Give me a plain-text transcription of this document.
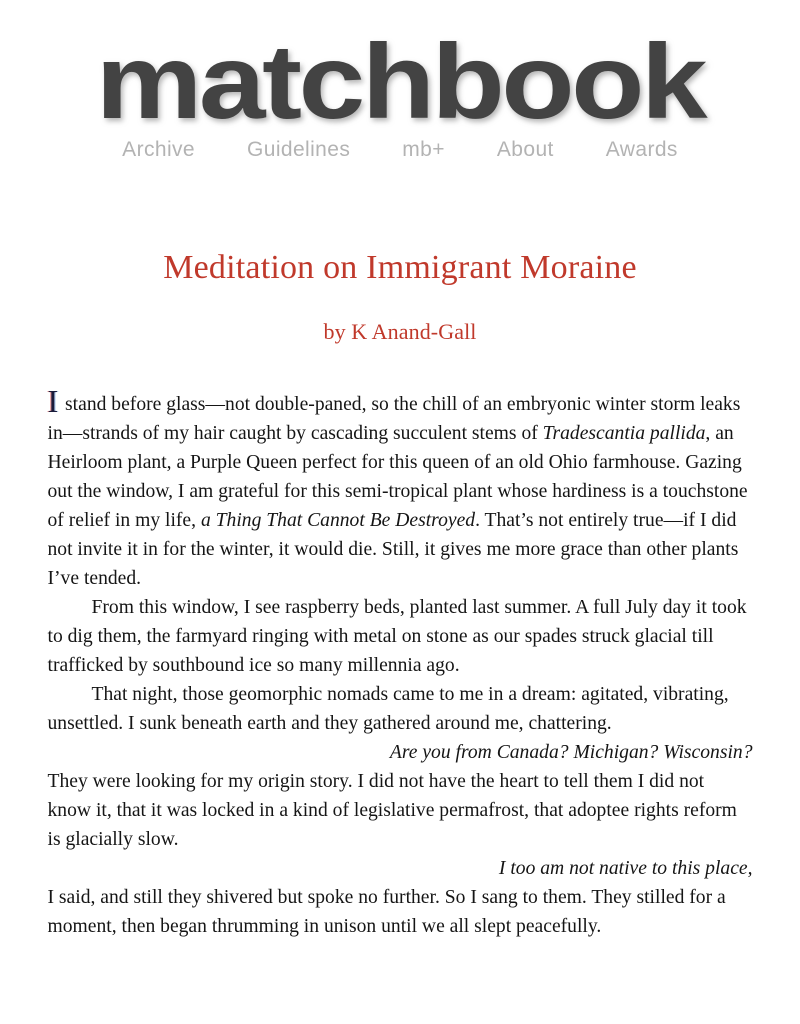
matchbook
Archive	Guidelines	mb+	About	Awards
Meditation on Immigrant Moraine
by K Anand-Gall

I stand before glass—not double-paned, so the chill of an embryonic winter storm leaks in—strands of my hair caught by cascading succulent stems of Tradescantia pallida, an Heirloom plant, a Purple Queen perfect for this queen of an old Ohio farmhouse. Gazing out the window, I am grateful for this semi-tropical plant whose hardiness is a touchstone of relief in my life, a Thing That Cannot Be Destroyed. That’s not entirely true—if I did not invite it in for the winter, it would die. Still, it gives me more grace than other plants I’ve tended.

From this window, I see raspberry beds, planted last summer. A full July day it took to dig them, the farmyard ringing with metal on stone as our spades struck glacial till trafficked by southbound ice so many millennia ago.

That night, those geomorphic nomads came to me in a dream: agitated, vibrating, unsettled. I sunk beneath earth and they gathered around me, chattering.

Are you from Canada? Michigan? Wisconsin?

They were looking for my origin story. I did not have the heart to tell them I did not know it, that it was locked in a kind of legislative permafrost, that adoptee rights reform is glacially slow.

I too am not native to this place,

I said, and still they shivered but spoke no further. So I sang to them. They stilled for a moment, then began thrumming in unison until we all slept peacefully.
